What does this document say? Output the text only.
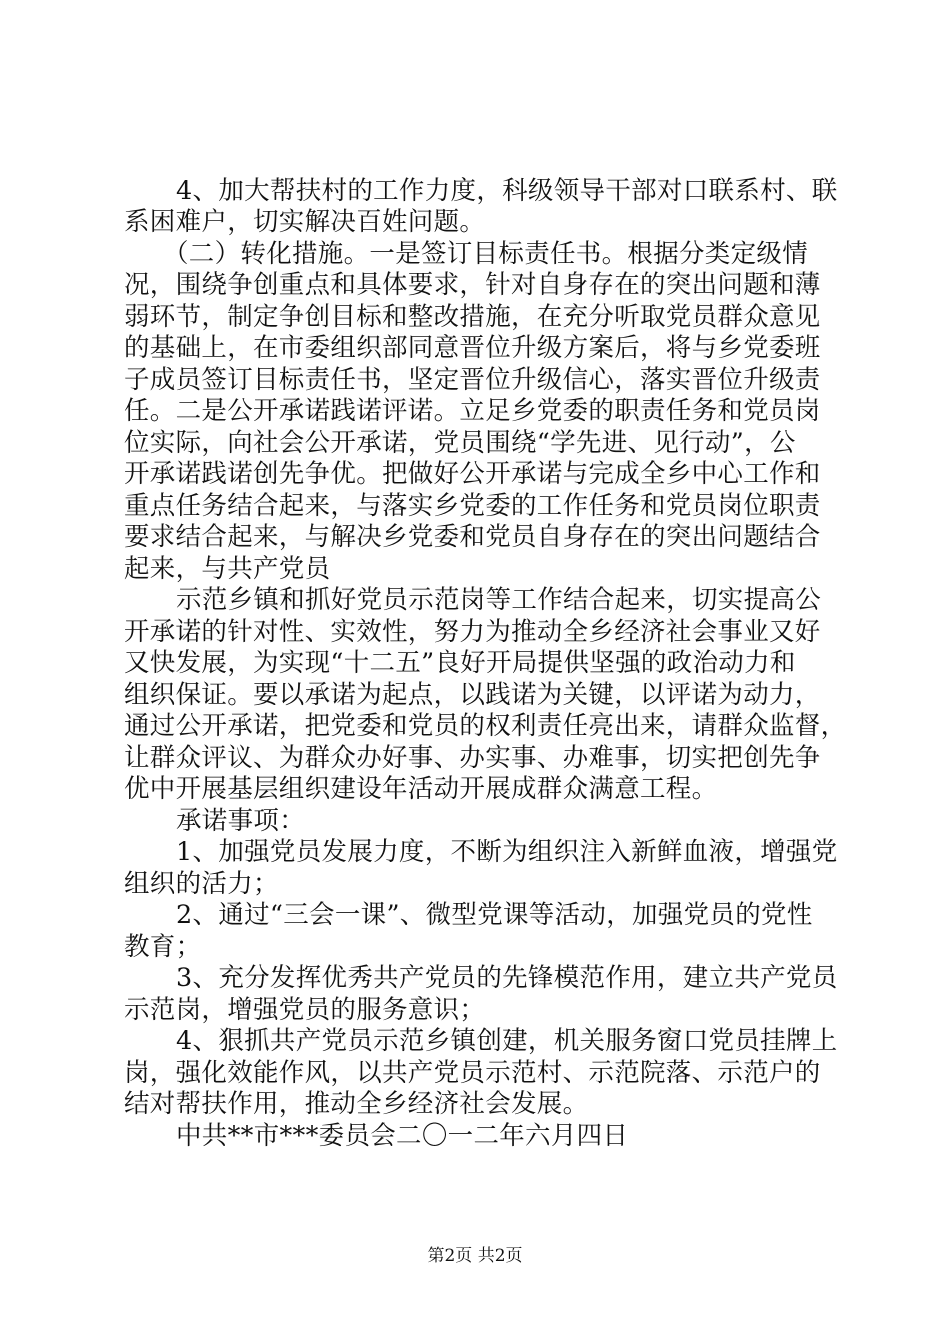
4、加大帮扶村的工作力度，科级领导干部对口联系村、联
系困难户，切实解决百姓问题。
（二）转化措施。一是签订目标责任书。根据分类定级情
况，围绕争创重点和具体要求，针对自身存在的突出问题和薄
弱环节，制定争创目标和整改措施，在充分听取党员群众意见
的基础上，在市委组织部同意晋位升级方案后，将与乡党委班
子成员签订目标责任书，坚定晋位升级信心，落实晋位升级责
任。二是公开承诺践诺评诺。立足乡党委的职责任务和党员岗
位实际，向社会公开承诺，党员围绕“学先进、见行动”，公
开承诺践诺创先争优。把做好公开承诺与完成全乡中心工作和
重点任务结合起来，与落实乡党委的工作任务和党员岗位职责
要求结合起来，与解决乡党委和党员自身存在的突出问题结合
起来，与共产党员
示范乡镇和抓好党员示范岗等工作结合起来，切实提高公
开承诺的针对性、实效性，努力为推动全乡经济社会事业又好
又快发展，为实现“十二五”良好开局提供坚强的政治动力和
组织保证。要以承诺为起点，以践诺为关键，以评诺为动力，
通过公开承诺，把党委和党员的权利责任亮出来，请群众监督，
让群众评议、为群众办好事、办实事、办难事，切实把创先争
优中开展基层组织建设年活动开展成群众满意工程。
承诺事项：
1、加强党员发展力度，不断为组织注入新鲜血液，增强党
组织的活力；
2、通过“三会一课”、微型党课等活动，加强党员的党性
教育；
3、充分发挥优秀共产党员的先锋模范作用，建立共产党员
示范岗，增强党员的服务意识；
4、狠抓共产党员示范乡镇创建，机关服务窗口党员挂牌上
岗，强化效能作风，以共产党员示范村、示范院落、示范户的
结对帮扶作用，推动全乡经济社会发展。
中共**市***委员会二〇一二年六月四日
第2页 共2页
